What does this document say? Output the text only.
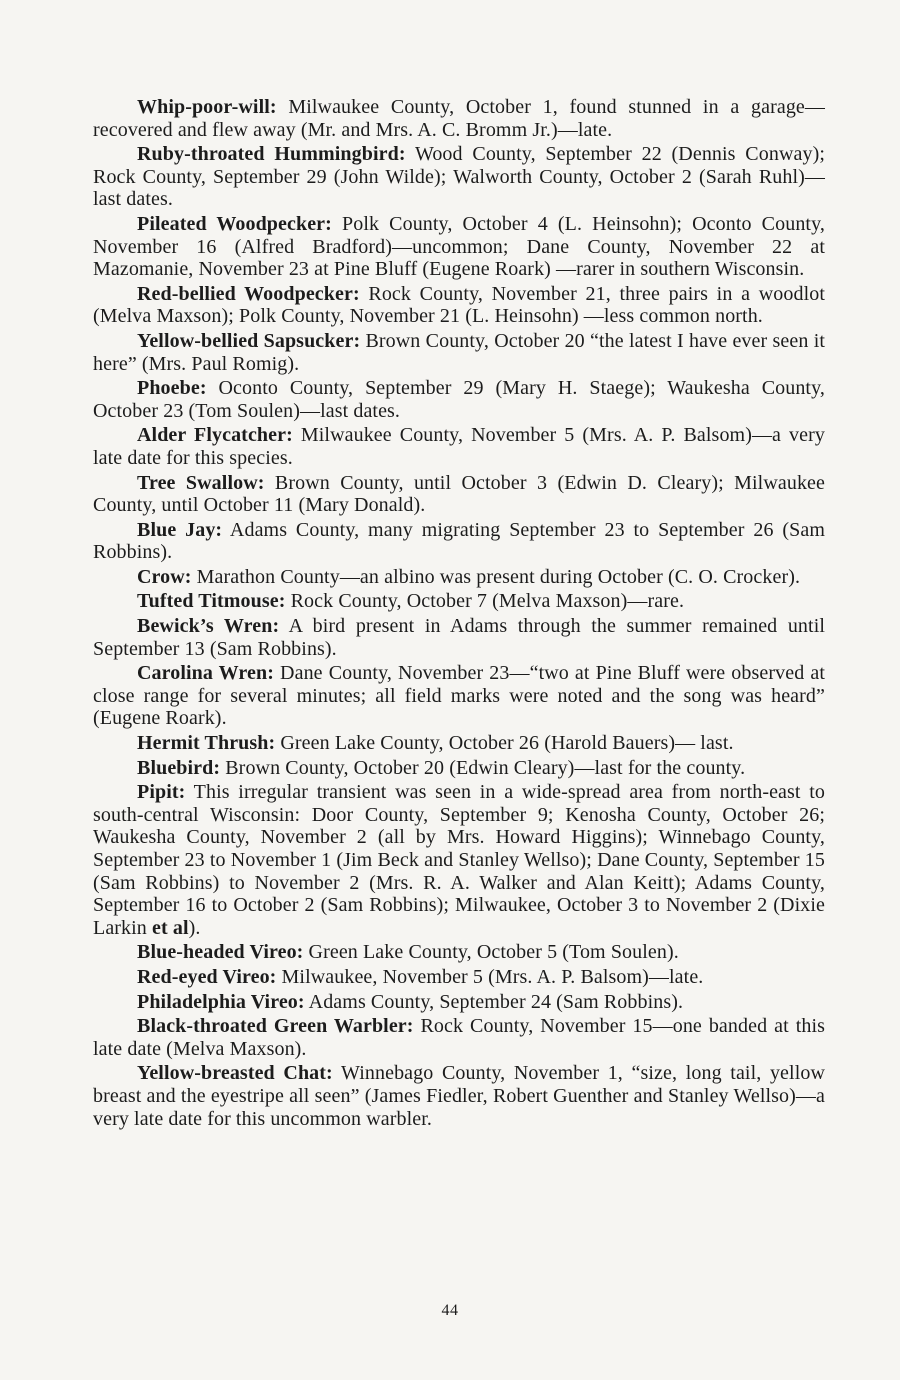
Whip-poor-will: Milwaukee County, October 1, found stunned in a garage—recovered and flew away (Mr. and Mrs. A. C. Bromm Jr.)—late.

Ruby-throated Hummingbird: Wood County, September 22 (Dennis Conway); Rock County, September 29 (John Wilde); Walworth County, October 2 (Sarah Ruhl)—last dates.

Pileated Woodpecker: Polk County, October 4 (L. Heinsohn); Oconto County, November 16 (Alfred Bradford)—uncommon; Dane County, November 22 at Mazomanie, November 23 at Pine Bluff (Eugene Roark) —rarer in southern Wisconsin.

Red-bellied Woodpecker: Rock County, November 21, three pairs in a woodlot (Melva Maxson); Polk County, November 21 (L. Heinsohn) —less common north.

Yellow-bellied Sapsucker: Brown County, October 20 “the latest I have ever seen it here” (Mrs. Paul Romig).

Phoebe: Oconto County, September 29 (Mary H. Staege); Waukesha County, October 23 (Tom Soulen)—last dates.

Alder Flycatcher: Milwaukee County, November 5 (Mrs. A. P. Balsom)—a very late date for this species.

Tree Swallow: Brown County, until October 3 (Edwin D. Cleary); Milwaukee County, until October 11 (Mary Donald).

Blue Jay: Adams County, many migrating September 23 to September 26 (Sam Robbins).

Crow: Marathon County—an albino was present during October (C. O. Crocker).

Tufted Titmouse: Rock County, October 7 (Melva Maxson)—rare.

Bewick’s Wren: A bird present in Adams through the summer remained until September 13 (Sam Robbins).

Carolina Wren: Dane County, November 23—“two at Pine Bluff were observed at close range for several minutes; all field marks were noted and the song was heard” (Eugene Roark).

Hermit Thrush: Green Lake County, October 26 (Harold Bauers)— last.

Bluebird: Brown County, October 20 (Edwin Cleary)—last for the county.

Pipit: This irregular transient was seen in a wide-spread area from north-east to south-central Wisconsin: Door County, September 9; Kenosha County, October 26; Waukesha County, November 2 (all by Mrs. Howard Higgins); Winnebago County, September 23 to November 1 (Jim Beck and Stanley Wellso); Dane County, September 15 (Sam Robbins) to November 2 (Mrs. R. A. Walker and Alan Keitt); Adams County, September 16 to October 2 (Sam Robbins); Milwaukee, October 3 to November 2 (Dixie Larkin et al).

Blue-headed Vireo: Green Lake County, October 5 (Tom Soulen).

Red-eyed Vireo: Milwaukee, November 5 (Mrs. A. P. Balsom)—late.

Philadelphia Vireo: Adams County, September 24 (Sam Robbins).

Black-throated Green Warbler: Rock County, November 15—one banded at this late date (Melva Maxson).

Yellow-breasted Chat: Winnebago County, November 1, “size, long tail, yellow breast and the eyestripe all seen” (James Fiedler, Robert Guenther and Stanley Wellso)—a very late date for this uncommon warbler.

44
